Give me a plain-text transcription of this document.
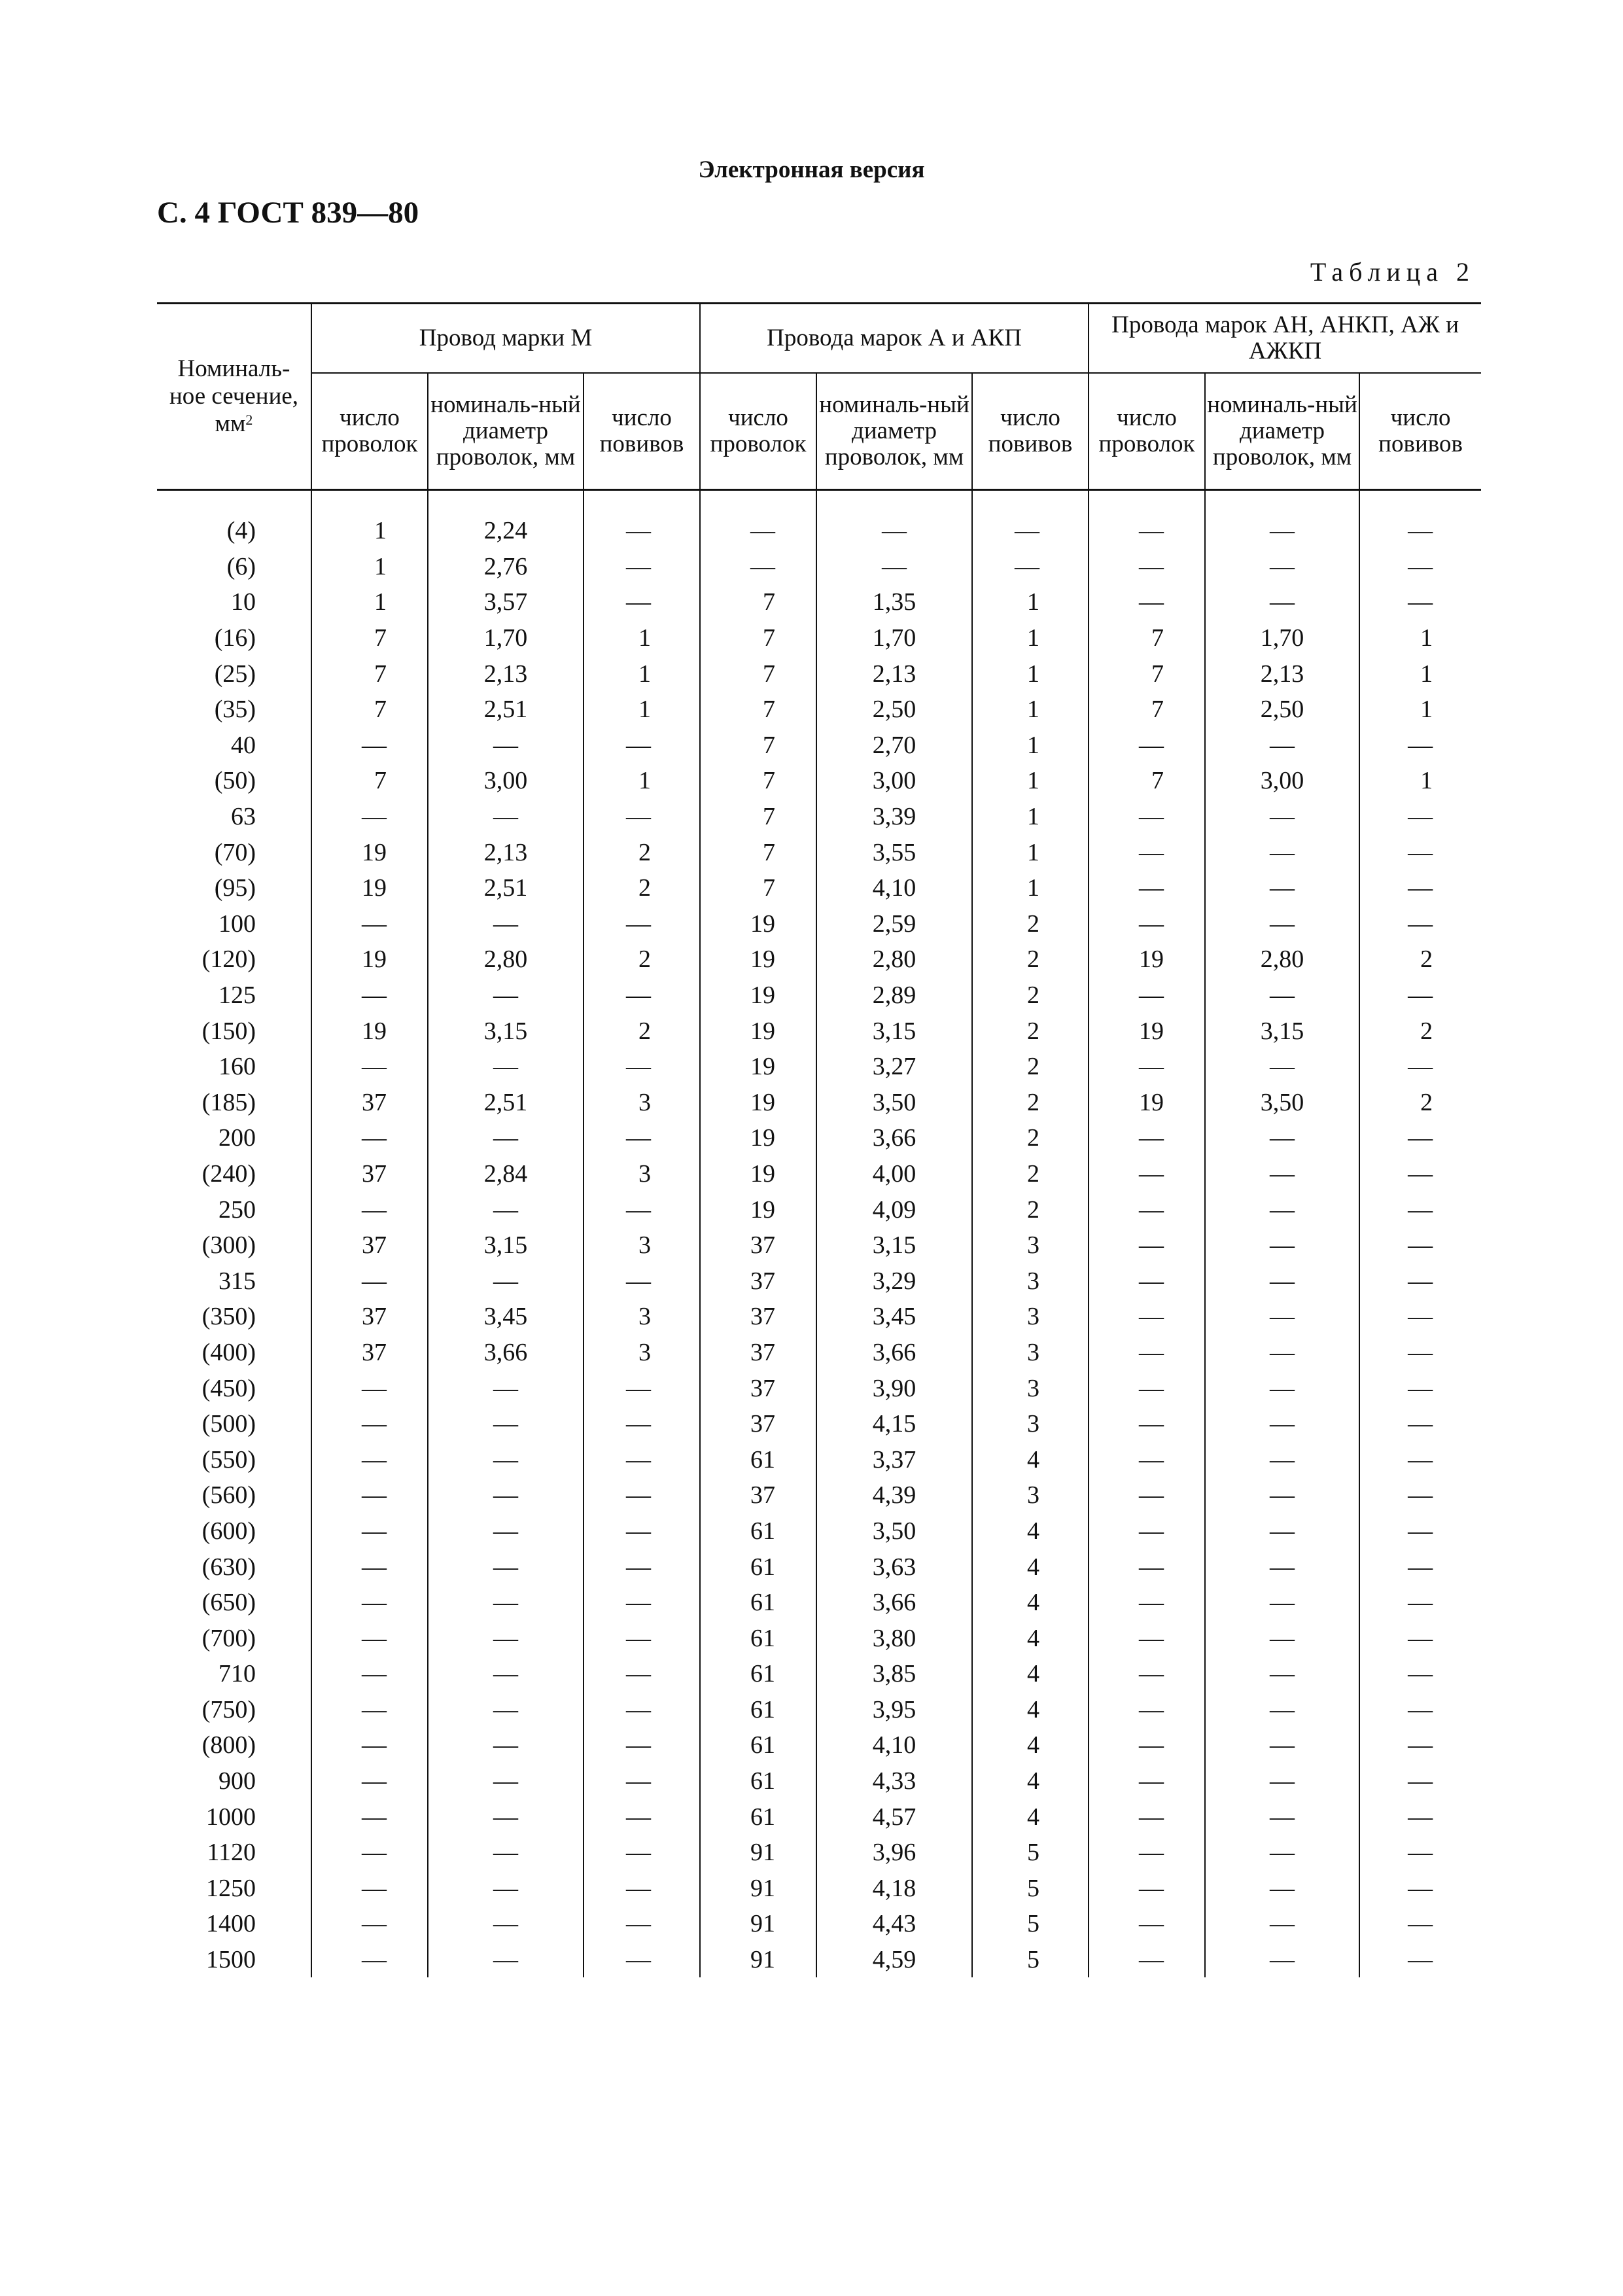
Электронная версия
С. 4 ГОСТ 839—80
Таблица 2
Номиналь-ное сечение, $мм^2$	Провод марки М			Провода марок А и АКП			Провода марок АН, АНКП, АЖ и АЖКП		
	число проволок	номиналь-ный диаметр проволок, мм	число повивов	число проволок	номиналь-ный диаметр проволок, мм	число повивов	число проволок	номиналь-ный диаметр проволок, мм	число повивов

(4)	1	2,24	—	—	—	—	—	—	—
(6)	1	2,76	—	—	—	—	—	—	—
10	1	3,57	—	7	1,35	1	—	—	—
(16)	7	1,70	1	7	1,70	1	7	1,70	1
(25)	7	2,13	1	7	2,13	1	7	2,13	1
(35)	7	2,51	1	7	2,50	1	7	2,50	1
40	—	—	—	7	2,70	1	—	—	—
(50)	7	3,00	1	7	3,00	1	7	3,00	1
63	—	—	—	7	3,39	1	—	—	—
(70)	19	2,13	2	7	3,55	1	—	—	—
(95)	19	2,51	2	7	4,10	1	—	—	—
100	—	—	—	19	2,59	2	—	—	—
(120)	19	2,80	2	19	2,80	2	19	2,80	2
125	—	—	—	19	2,89	2	—	—	—
(150)	19	3,15	2	19	3,15	2	19	3,15	2
160	—	—	—	19	3,27	2	—	—	—
(185)	37	2,51	3	19	3,50	2	19	3,50	2
200	—	—	—	19	3,66	2	—	—	—
(240)	37	2,84	3	19	4,00	2	—	—	—
250	—	—	—	19	4,09	2	—	—	—
(300)	37	3,15	3	37	3,15	3	—	—	—
315	—	—	—	37	3,29	3	—	—	—
(350)	37	3,45	3	37	3,45	3	—	—	—
(400)	37	3,66	3	37	3,66	3	—	—	—
(450)	—	—	—	37	3,90	3	—	—	—
(500)	—	—	—	37	4,15	3	—	—	—
(550)	—	—	—	61	3,37	4	—	—	—
(560)	—	—	—	37	4,39	3	—	—	—
(600)	—	—	—	61	3,50	4	—	—	—
(630)	—	—	—	61	3,63	4	—	—	—
(650)	—	—	—	61	3,66	4	—	—	—
(700)	—	—	—	61	3,80	4	—	—	—
710	—	—	—	61	3,85	4	—	—	—
(750)	—	—	—	61	3,95	4	—	—	—
(800)	—	—	—	61	4,10	4	—	—	—
900	—	—	—	61	4,33	4	—	—	—
1000	—	—	—	61	4,57	4	—	—	—
1120	—	—	—	91	3,96	5	—	—	—
1250	—	—	—	91	4,18	5	—	—	—
1400	—	—	—	91	4,43	5	—	—	—
1500	—	—	—	91	4,59	5	—	—	—
